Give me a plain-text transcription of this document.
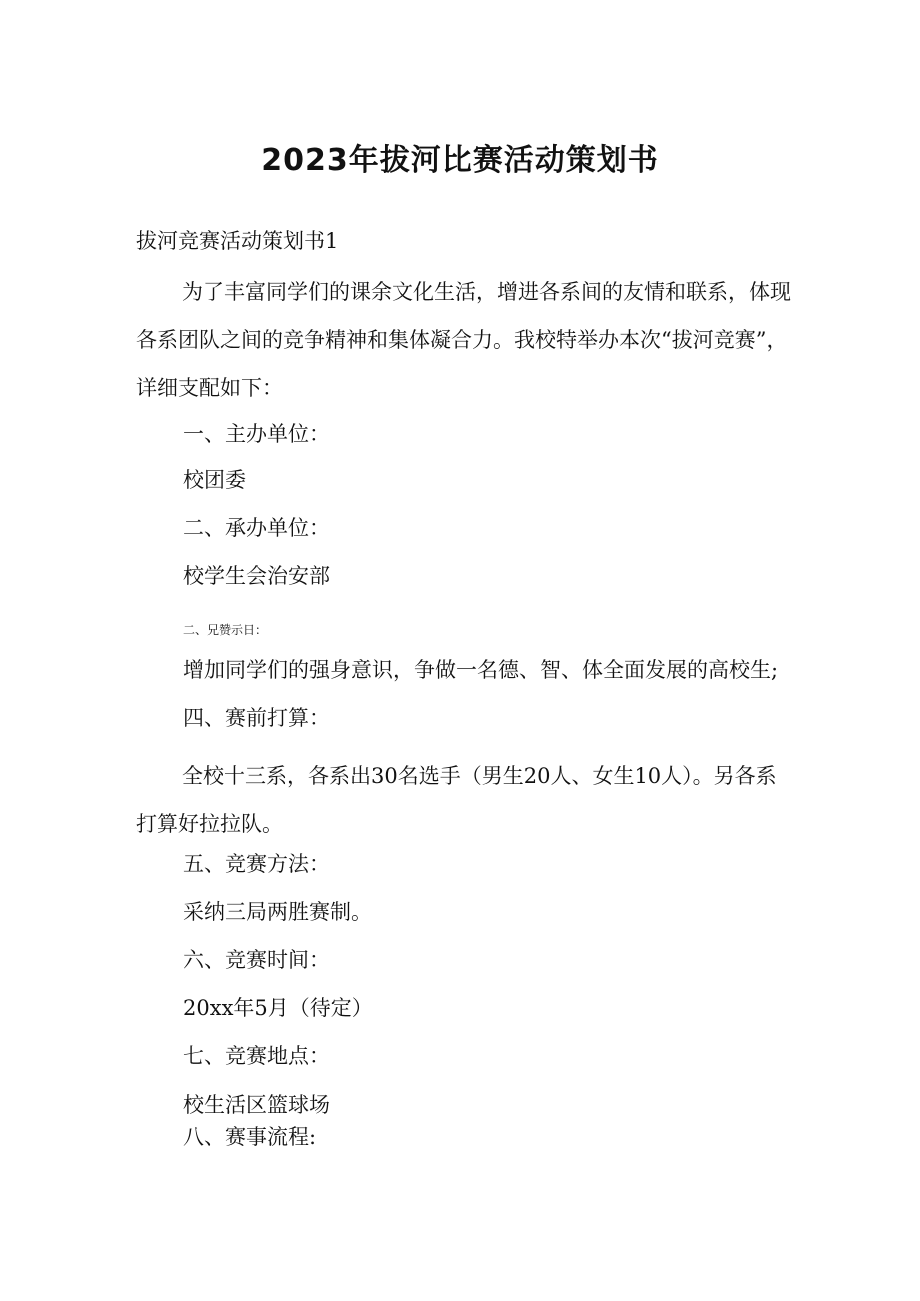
2023年拔河比赛活动策划书
拔河竞赛活动策划书1
为了丰富同学们的课余文化生活，增进各系间的友情和联系，体现各系团队之间的竞争精神和集体凝合力。我校特举办本次“拔河竞赛”，详细支配如下：
一、主办单位：
校团委
二、承办单位：
校学生会治安部
二、兄赞示日：
增加同学们的强身意识，争做一名德、智、体全面发展的高校生;
四、赛前打算：
全校十三系，各系出30名选手（男生20人、女生10人）。另各系打算好拉拉队。
五、竞赛方法：
采纳三局两胜赛制。
六、竞赛时间：
20xx年5月（待定）
七、竞赛地点：
校生活区篮球场
八、赛事流程:
